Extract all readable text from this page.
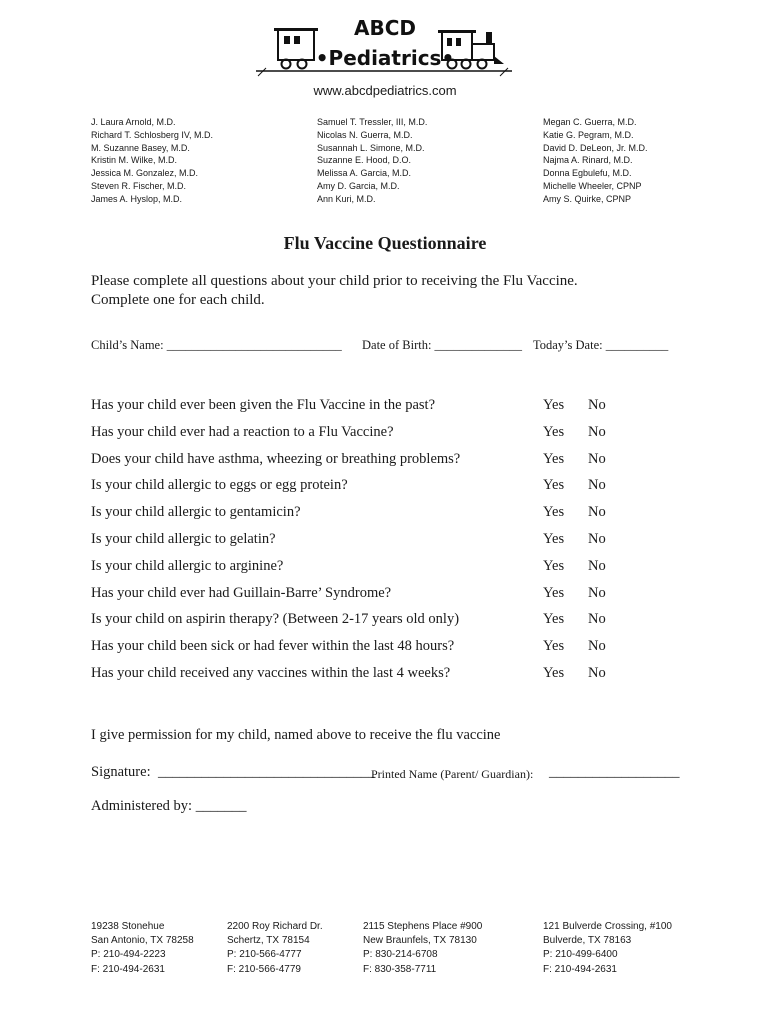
ABCD
•Pediatrics•
www.abcdpediatrics.com
J. Laura Arnold, M.D.
Richard T. Schlosberg IV, M.D.
M. Suzanne Basey, M.D.
Kristin M. Wilke, M.D.
Jessica M. Gonzalez, M.D.
Steven R. Fischer, M.D.
James A. Hyslop, M.D.
Samuel T. Tressler, III, M.D.
Nicolas N. Guerra, M.D.
Susannah L. Simone, M.D.
Suzanne E. Hood, D.O.
Melissa A. Garcia, M.D.
Amy D. Garcia, M.D.
Ann Kuri, M.D.
Megan C. Guerra, M.D.
Katie G. Pegram, M.D.
David D. DeLeon, Jr. M.D.
Najma A. Rinard, M.D.
Donna Egbulefu, M.D.
Michelle Wheeler, CPNP
Amy S. Quirke, CPNP
Flu Vaccine Questionnaire
Please complete all questions about your child prior to receiving the Flu Vaccine.
Complete one for each child.
Child’s Name: ____________________________ Date of Birth: ______________ Today’s Date: __________
Has your child ever been given the Flu Vaccine in the past?	Yes No
Has your child ever had a reaction to a Flu Vaccine?	Yes No
Does your child have asthma, wheezing or breathing problems?	Yes No
Is your child allergic to eggs or egg protein?	Yes No
Is your child allergic to gentamicin?	Yes No
Is your child allergic to gelatin?	Yes No
Is your child allergic to arginine?	Yes No
Has your child ever had Guillain-Barre’ Syndrome?	Yes No
Is your child on aspirin therapy? (Between 2-17 years old only)	Yes No
Has your child been sick or had fever within the last 48 hours?	Yes No
Has your child received any vaccines within the last 4 weeks?	Yes No
I give permission for my child, named above to receive the flu vaccine
Signature: ______________________________
Printed Name (Parent/ Guardian): __________________
Administered by: _______
19238 Stonehue
San Antonio, TX 78258
P: 210-494-2223
F: 210-494-2631
2200 Roy Richard Dr.
Schertz, TX 78154
P: 210-566-4777
F: 210-566-4779
2115 Stephens Place #900
New Braunfels, TX 78130
P: 830-214-6708
F: 830-358-7711
121 Bulverde Crossing, #100
Bulverde, TX 78163
P: 210-499-6400
F: 210-494-2631
